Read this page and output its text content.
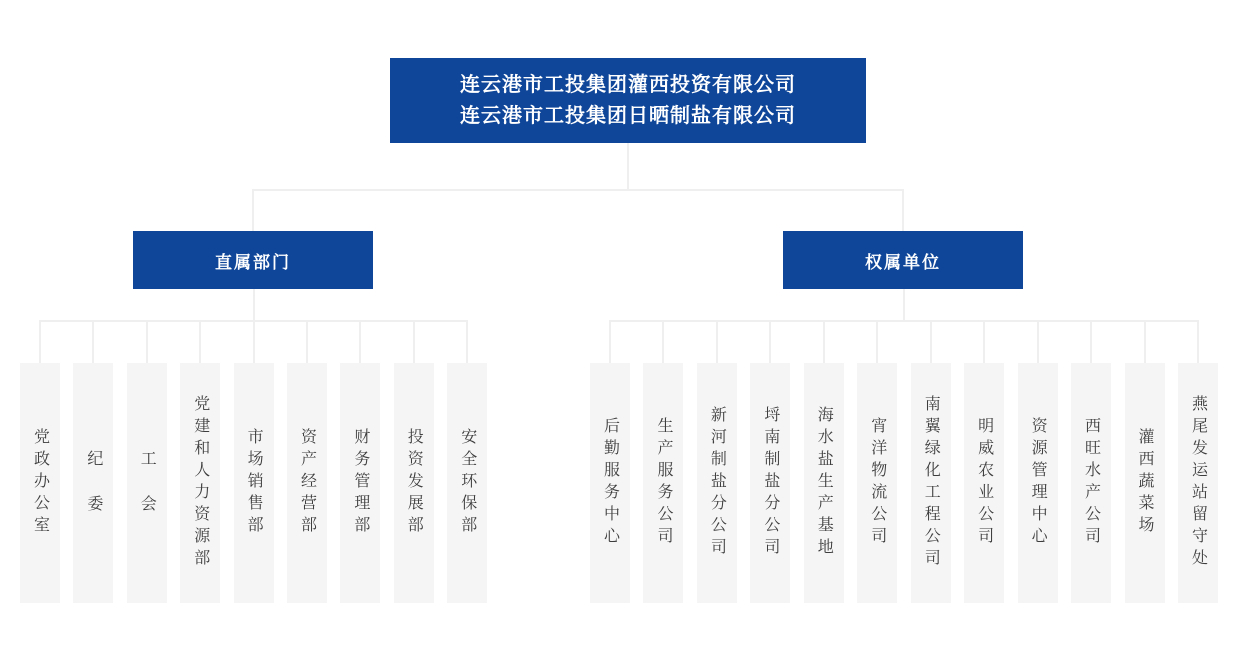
连云港市工投集团灌西投资有限公司
连云港市工投集团日晒制盐有限公司
直属部门	权属单位
党政办公室 纪 委 工 会 党建和人力资源部 市场销售部 资产经营部 财务管理部 投资发展部 安全环保部	后勤服务中心 生产服务公司 新河制盐分公司 埒南制盐分公司 海水盐生产基地 宵洋物流公司 南翼绿化工程公司 明威农业公司 资源管理中心 西旺水产公司 灌西蔬菜场 燕尾发运站留守处
